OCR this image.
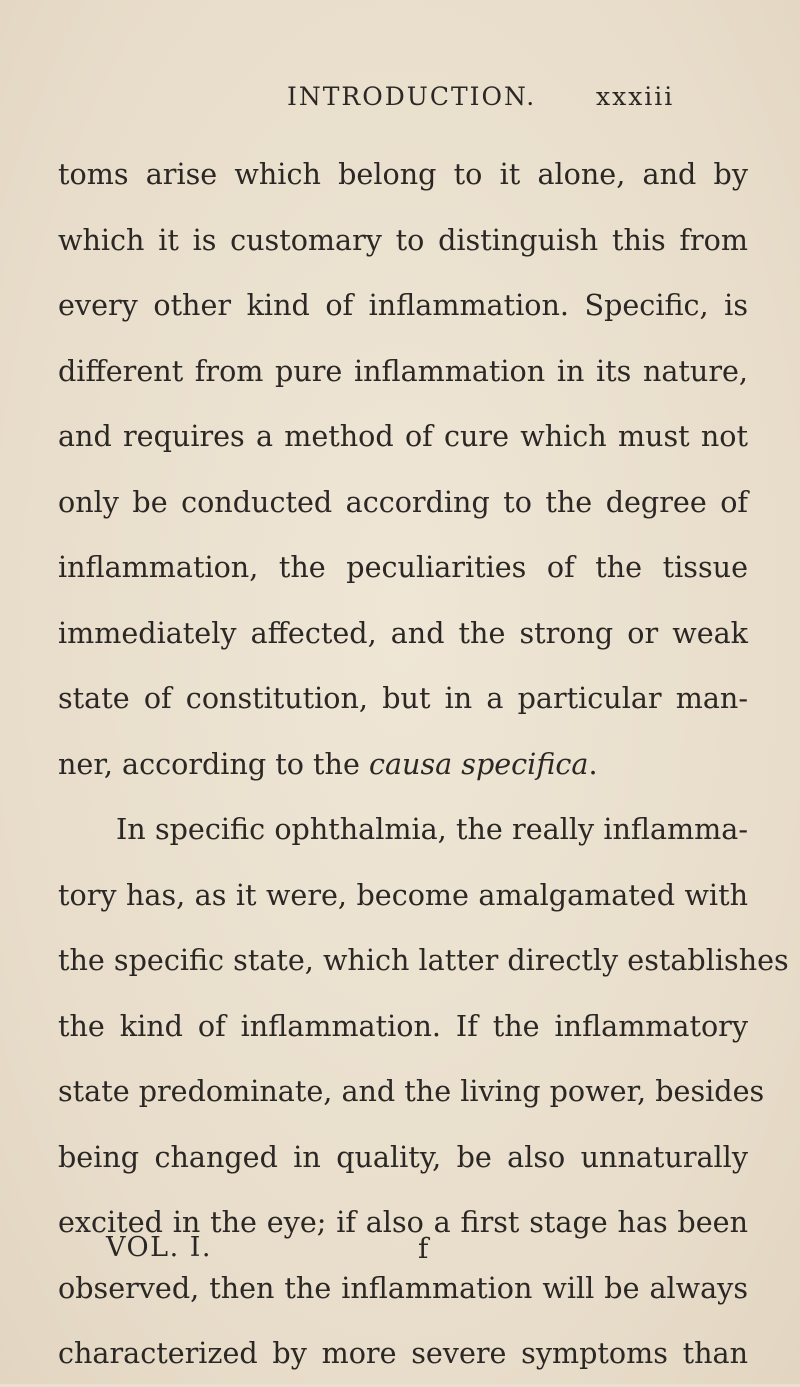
INTRODUCTION. xxxiii
toms arise which belong to it alone, and by
which it is customary to distinguish this from
every other kind of inflammation. Specific, is
different from pure inflammation in its nature,
and requires a method of cure which must not
only be conducted according to the degree of
inflammation, the peculiarities of the tissue
immediately affected, and the strong or weak
state of constitution, but in a particular man-
ner, according to the causa specifica.
In specific ophthalmia, the really inflamma-
tory has, as it were, become amalgamated with
the specific state, which latter directly establishes
the kind of inflammation. If the inflammatory
state predominate, and the living power, besides
being changed in quality, be also unnaturally
excited in the eye; if also a first stage has been
observed, then the inflammation will be always
characterized by more severe symptoms than
VOL. I.	f
